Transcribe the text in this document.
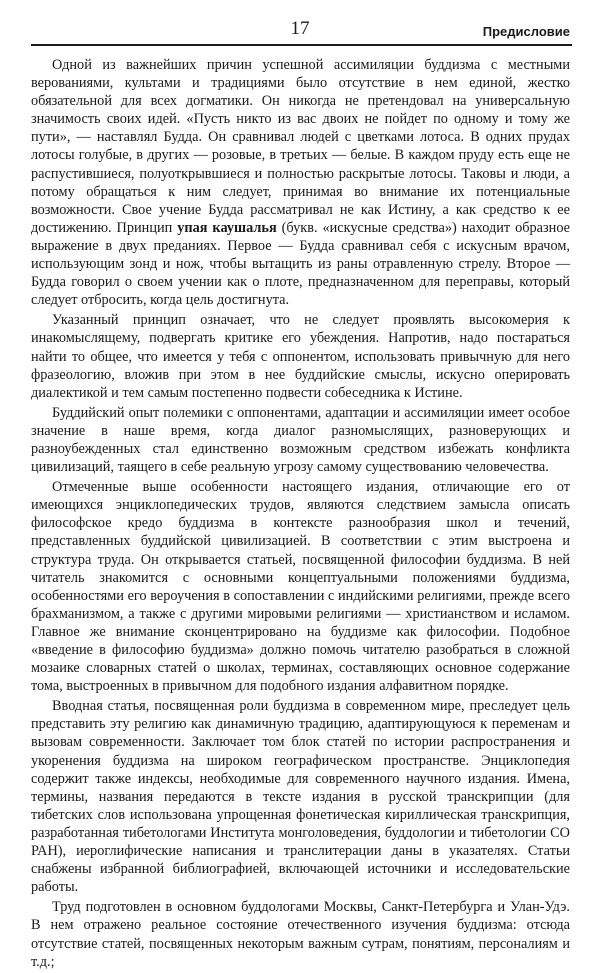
17	Предисловие

Одной из важнейших причин успешной ассимиляции буддизма с местными верованиями, культами и традициями было отсутствие в нем единой, жестко обязательной для всех догматики. Он никогда не претендовал на универсальную значимость своих идей. «Пусть никто из вас двоих не пойдет по одному и тому же пути», — наставлял Будда. Он сравнивал людей с цветками лотоса. В одних прудах лотосы голубые, в других — розовые, в третьих — белые. В каждом пруду есть еще не распустившиеся, полуоткрывшиеся и полностью раскрытые лотосы. Таковы и люди, а потому обращаться к ним следует, принимая во внимание их потенциальные возможности. Свое учение Будда рассматривал не как Истину, а как средство к ее достижению. Принцип упая каушалья (букв. «искусные средства») находит образное выражение в двух преданиях. Первое — Будда сравнивал себя с искусным врачом, использующим зонд и нож, чтобы вытащить из раны отравленную стрелу. Второе — Будда говорил о своем учении как о плоте, предназначенном для переправы, который следует отбросить, когда цель достигнута.

Указанный принцип означает, что не следует проявлять высокомерия к инакомыслящему, подвергать критике его убеждения. Напротив, надо постараться найти то общее, что имеется у тебя с оппонентом, использовать привычную для него фразеологию, вложив при этом в нее буддийские смыслы, искусно оперировать диалектикой и тем самым постепенно подвести собеседника к Истине.

Буддийский опыт полемики с оппонентами, адаптации и ассимиляции имеет особое значение в наше время, когда диалог разномыслящих, разноверующих и разноубежденных стал единственно возможным средством избежать конфликта цивилизаций, таящего в себе реальную угрозу самому существованию человечества.

Отмеченные выше особенности настоящего издания, отличающие его от имеющихся энциклопедических трудов, являются следствием замысла описать философское кредо буддизма в контексте разнообразия школ и течений, представленных буддийской цивилизацией. В соответствии с этим выстроена и структура труда. Он открывается статьей, посвященной философии буддизма. В ней читатель знакомится с основными концептуальными положениями буддизма, особенностями его вероучения в сопоставлении с индийскими религиями, прежде всего брахманизмом, а также с другими мировыми религиями — христианством и исламом. Главное же внимание сконцентрировано на буддизме как философии. Подобное «введение в философию буддизма» должно помочь читателю разобраться в сложной мозаике словарных статей о школах, терминах, составляющих основное содержание тома, выстроенных в привычном для подобного издания алфавитном порядке.

Вводная статья, посвященная роли буддизма в современном мире, преследует цель представить эту религию как динамичную традицию, адаптирующуюся к переменам и вызовам современности. Заключает том блок статей по истории распространения и укоренения буддизма на широком географическом пространстве. Энциклопедия содержит также индексы, необходимые для современного научного издания. Имена, термины, названия передаются в тексте издания в русской транскрипции (для тибетских слов использована упрощенная фонетическая кириллическая транскрипция, разработанная тибетологами Института монголоведения, буддологии и тибетологии СО РАН), иероглифические написания и транслитерации даны в указателях. Статьи снабжены избранной библиографией, включающей источники и исследовательские работы.

Труд подготовлен в основном буддологами Москвы, Санкт-Петербурга и Улан-Удэ. В нем отражено реальное состояние отечественного изучения буддизма: отсюда отсутствие статей, посвященных некоторым важным сутрам, понятиям, персоналиям и т.д.;
